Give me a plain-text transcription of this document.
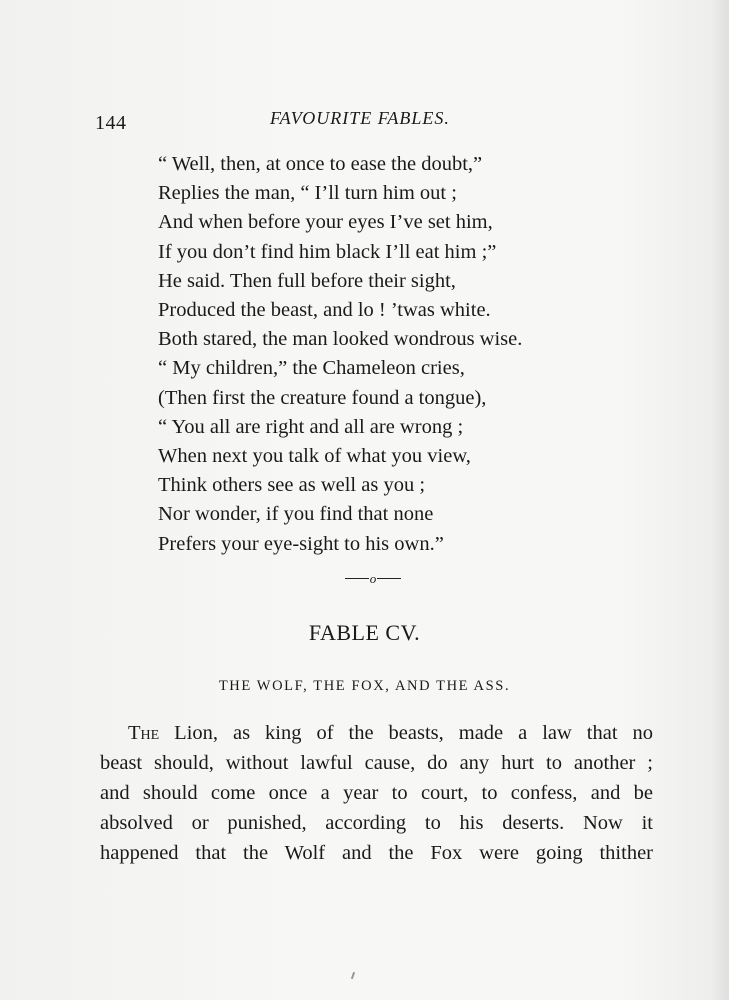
144	FAVOURITE FABLES.
“ Well, then, at once to ease the doubt,”
Replies the man, “ I’ll turn him out ;
And when before your eyes I’ve set him,
If you don’t find him black I’ll eat him ;”
He said. Then full before their sight,
Produced the beast, and lo ! ’twas white.
Both stared, the man looked wondrous wise.
“ My children,” the Chameleon cries,
(Then first the creature found a tongue),
“ You all are right and all are wrong ;
When next you talk of what you view,
Think others see as well as you ;
Nor wonder, if you find that none
Prefers your eye-sight to his own.”
o
FABLE CV.
THE WOLF, THE FOX, AND THE ASS.
The Lion, as king of the beasts, made a law that no
beast should, without lawful cause, do any hurt to another ;
and should come once a year to court, to confess, and be
absolved or punished, according to his deserts. Now it
happened that the Wolf and the Fox were going thither
